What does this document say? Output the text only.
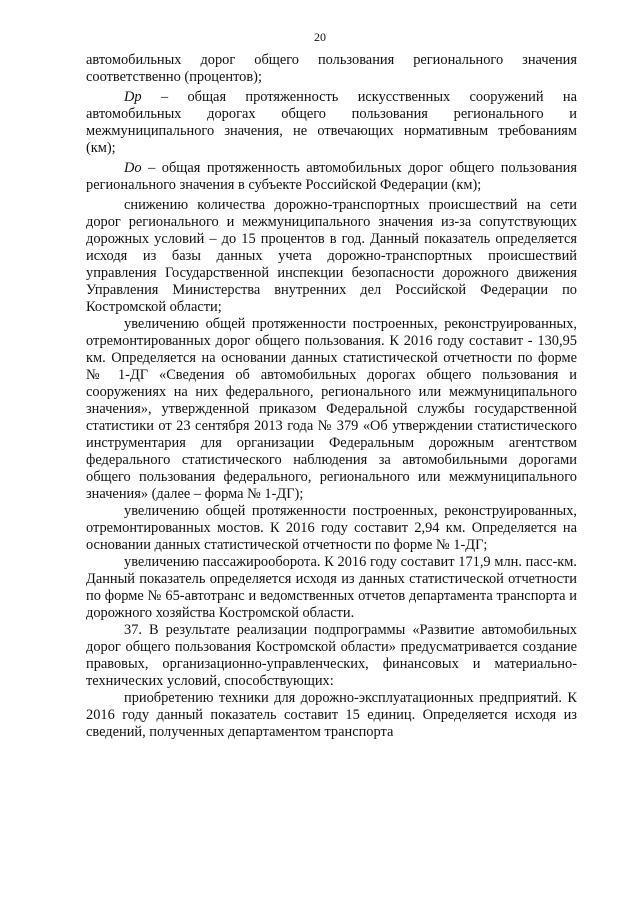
20

автомобильных дорог общего пользования регионального значения соответственно (процентов);

Dp – общая протяженность искусственных сооружений на автомобильных дорогах общего пользования регионального и межмуниципального значения, не отвечающих нормативным требованиям (км);

Do – общая протяженность автомобильных дорог общего пользования регионального значения в субъекте Российской Федерации (км);

снижению количества дорожно-транспортных происшествий на сети дорог регионального и межмуниципального значения из-за сопутствующих дорожных условий – до 15 процентов в год. Данный показатель определяется исходя из базы данных учета дорожно-транспортных происшествий управления Государственной инспекции безопасности дорожного движения Управления Министерства внутренних дел Российской Федерации по Костромской области;

увеличению общей протяженности построенных, реконструированных, отремонтированных дорог общего пользования. К 2016 году составит - 130,95 км. Определяется на основании данных статистической отчетности по форме № 1-ДГ «Сведения об автомобильных дорогах общего пользования и сооружениях на них федерального, регионального или межмуниципального значения», утвержденной приказом Федеральной службы государственной статистики от 23 сентября 2013 года № 379 «Об утверждении статистического инструментария для организации Федеральным дорожным агентством федерального статистического наблюдения за автомобильными дорогами общего пользования федерального, регионального или межмуниципального значения» (далее – форма № 1-ДГ);

увеличению общей протяженности построенных, реконструированных, отремонтированных мостов. К 2016 году составит 2,94 км. Определяется на основании данных статистической отчетности по форме № 1-ДГ;

увеличению пассажирооборота. К 2016 году составит 171,9 млн. пасс-км. Данный показатель определяется исходя из данных статистической отчетности по форме № 65-автотранс и ведомственных отчетов департамента транспорта и дорожного хозяйства Костромской области.

37. В результате реализации подпрограммы «Развитие автомобильных дорог общего пользования Костромской области» предусматривается создание правовых, организационно-управленческих, финансовых и материально-технических условий, способствующих:

приобретению техники для дорожно-эксплуатационных предприятий. К 2016 году данный показатель составит 15 единиц. Определяется исходя из сведений, полученных департаментом транспорта
